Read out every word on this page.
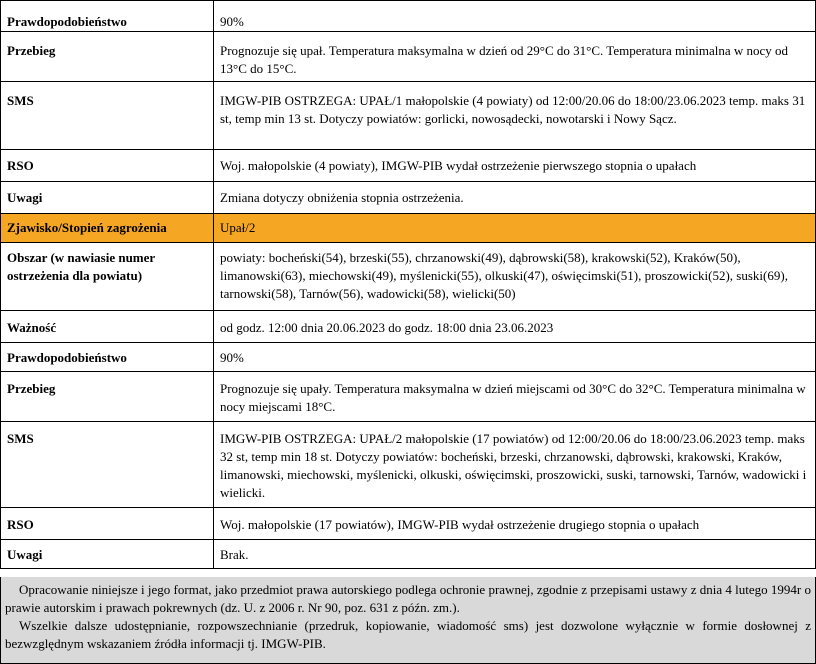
Prawdopodobieństwo	90%
Przebieg	Prognozuje się upał. Temperatura maksymalna w dzień od 29°C do 31°C. Temperatura minimalna w nocy od 13°C do 15°C.
SMS	IMGW-PIB OSTRZEGA: UPAŁ/1 małopolskie (4 powiaty) od 12:00/20.06 do 18:00/23.06.2023 temp. maks 31 st, temp min 13 st. Dotyczy powiatów: gorlicki, nowosądecki, nowotarski i Nowy Sącz.
RSO	Woj. małopolskie (4 powiaty), IMGW-PIB wydał ostrzeżenie pierwszego stopnia o upałach
Uwagi	Zmiana dotyczy obniżenia stopnia ostrzeżenia.
Zjawisko/Stopień zagrożenia	Upał/2
Obszar (w nawiasie numer ostrzeżenia dla powiatu)	powiaty: bocheński(54), brzeski(55), chrzanowski(49), dąbrowski(58), krakowski(52), Kraków(50), limanowski(63), miechowski(49), myślenicki(55), olkuski(47), oświęcimski(51), proszowicki(52), suski(69), tarnowski(58), Tarnów(56), wadowicki(58), wielicki(50)
Ważność	od godz. 12:00 dnia 20.06.2023 do godz. 18:00 dnia 23.06.2023
Prawdopodobieństwo	90%
Przebieg	Prognozuje się upały. Temperatura maksymalna w dzień miejscami od 30°C do 32°C. Temperatura minimalna w nocy miejscami 18°C.
SMS	IMGW-PIB OSTRZEGA: UPAŁ/2 małopolskie (17 powiatów) od 12:00/20.06 do 18:00/23.06.2023 temp. maks 32 st, temp min 18 st. Dotyczy powiatów: bocheński, brzeski, chrzanowski, dąbrowski, krakowski, Kraków, limanowski, miechowski, myślenicki, olkuski, oświęcimski, proszowicki, suski, tarnowski, Tarnów, wadowicki i wielicki.
RSO	Woj. małopolskie (17 powiatów), IMGW-PIB wydał ostrzeżenie drugiego stopnia o upałach
Uwagi	Brak.

Opracowanie niniejsze i jego format, jako przedmiot prawa autorskiego podlega ochronie prawnej, zgodnie z przepisami ustawy z dnia 4 lutego 1994r o prawie autorskim i prawach pokrewnych (dz. U. z 2006 r. Nr 90, poz. 631 z późn. zm.).

Wszelkie dalsze udostępnianie, rozpowszechnianie (przedruk, kopiowanie, wiadomość sms) jest dozwolone wyłącznie w formie dosłownej z bezwzględnym wskazaniem źródła informacji tj. IMGW-PIB.
